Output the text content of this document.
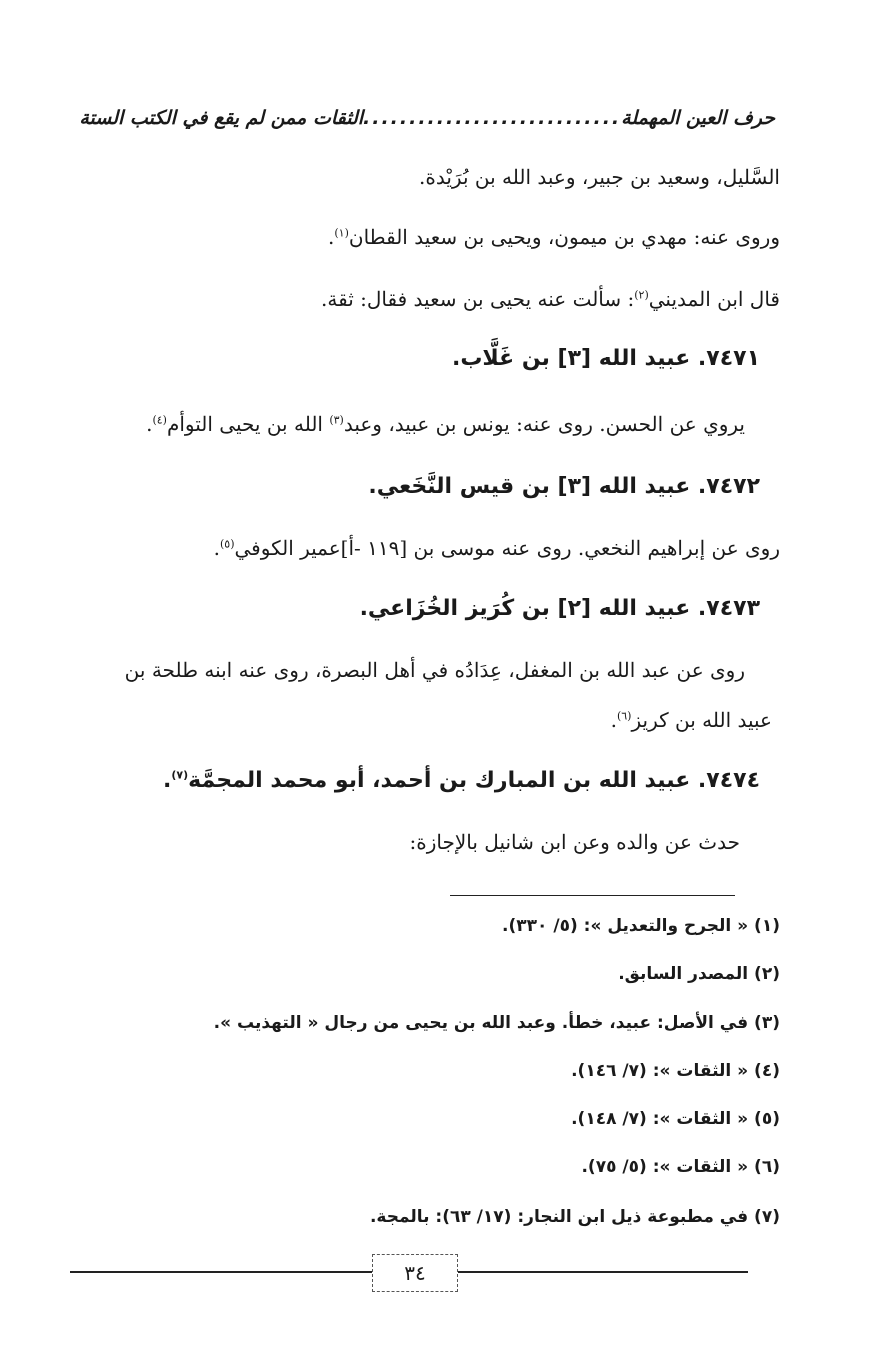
حرف العين المهملة
............................
الثقات ممن لم يقع في الكتب الستة
السَّليل، وسعيد بن جبير، وعبد الله بن بُرَيْدة.
وروى عنه: مهدي بن ميمون، ويحيى بن سعيد القطان$^{(١)}$.
قال ابن المديني$^{(٢)}$: سألت عنه يحيى بن سعيد فقال: ثقة.
٧٤٧١. عبيد الله [٣] بن غَلَّاب.
يروي عن الحسن. روى عنه: يونس بن عبيد، وعبد$^{(٣)}$ الله بن يحيى التوأم$^{(٤)}$.
٧٤٧٢. عبيد الله [٣] بن قيس النَّخَعي.
روى عن إبراهيم النخعي. روى عنه موسى بن [١١٩ -أ]عمير الكوفي$^{(٥)}$.
٧٤٧٣. عبيد الله [٢] بن كُرَيز الخُزَاعي.
روى عن عبد الله بن المغفل، عِدَادُه في أهل البصرة، روى عنه ابنه طلحة بن
عبيد الله بن كريز$^{(٦)}$.
٧٤٧٤. عبيد الله بن المبارك بن أحمد، أبو محمد المجمَّة$^{(٧)}$.
حدث عن والده وعن ابن شانيل بالإجازة:
(١) « الجرح والتعديل »: (٥/ ٣٣٠).
(٢) المصدر السابق.
(٣) في الأصل: عبيد، خطأ. وعبد الله بن يحيى من رجال « التهذيب ».
(٤) « الثقات »: (٧/ ١٤٦).
(٥) « الثقات »: (٧/ ١٤٨).
(٦) « الثقات »: (٥/ ٧٥).
(٧) في مطبوعة ذيل ابن النجار: (١٧/ ٦٣): بالمجة.
٣٤
